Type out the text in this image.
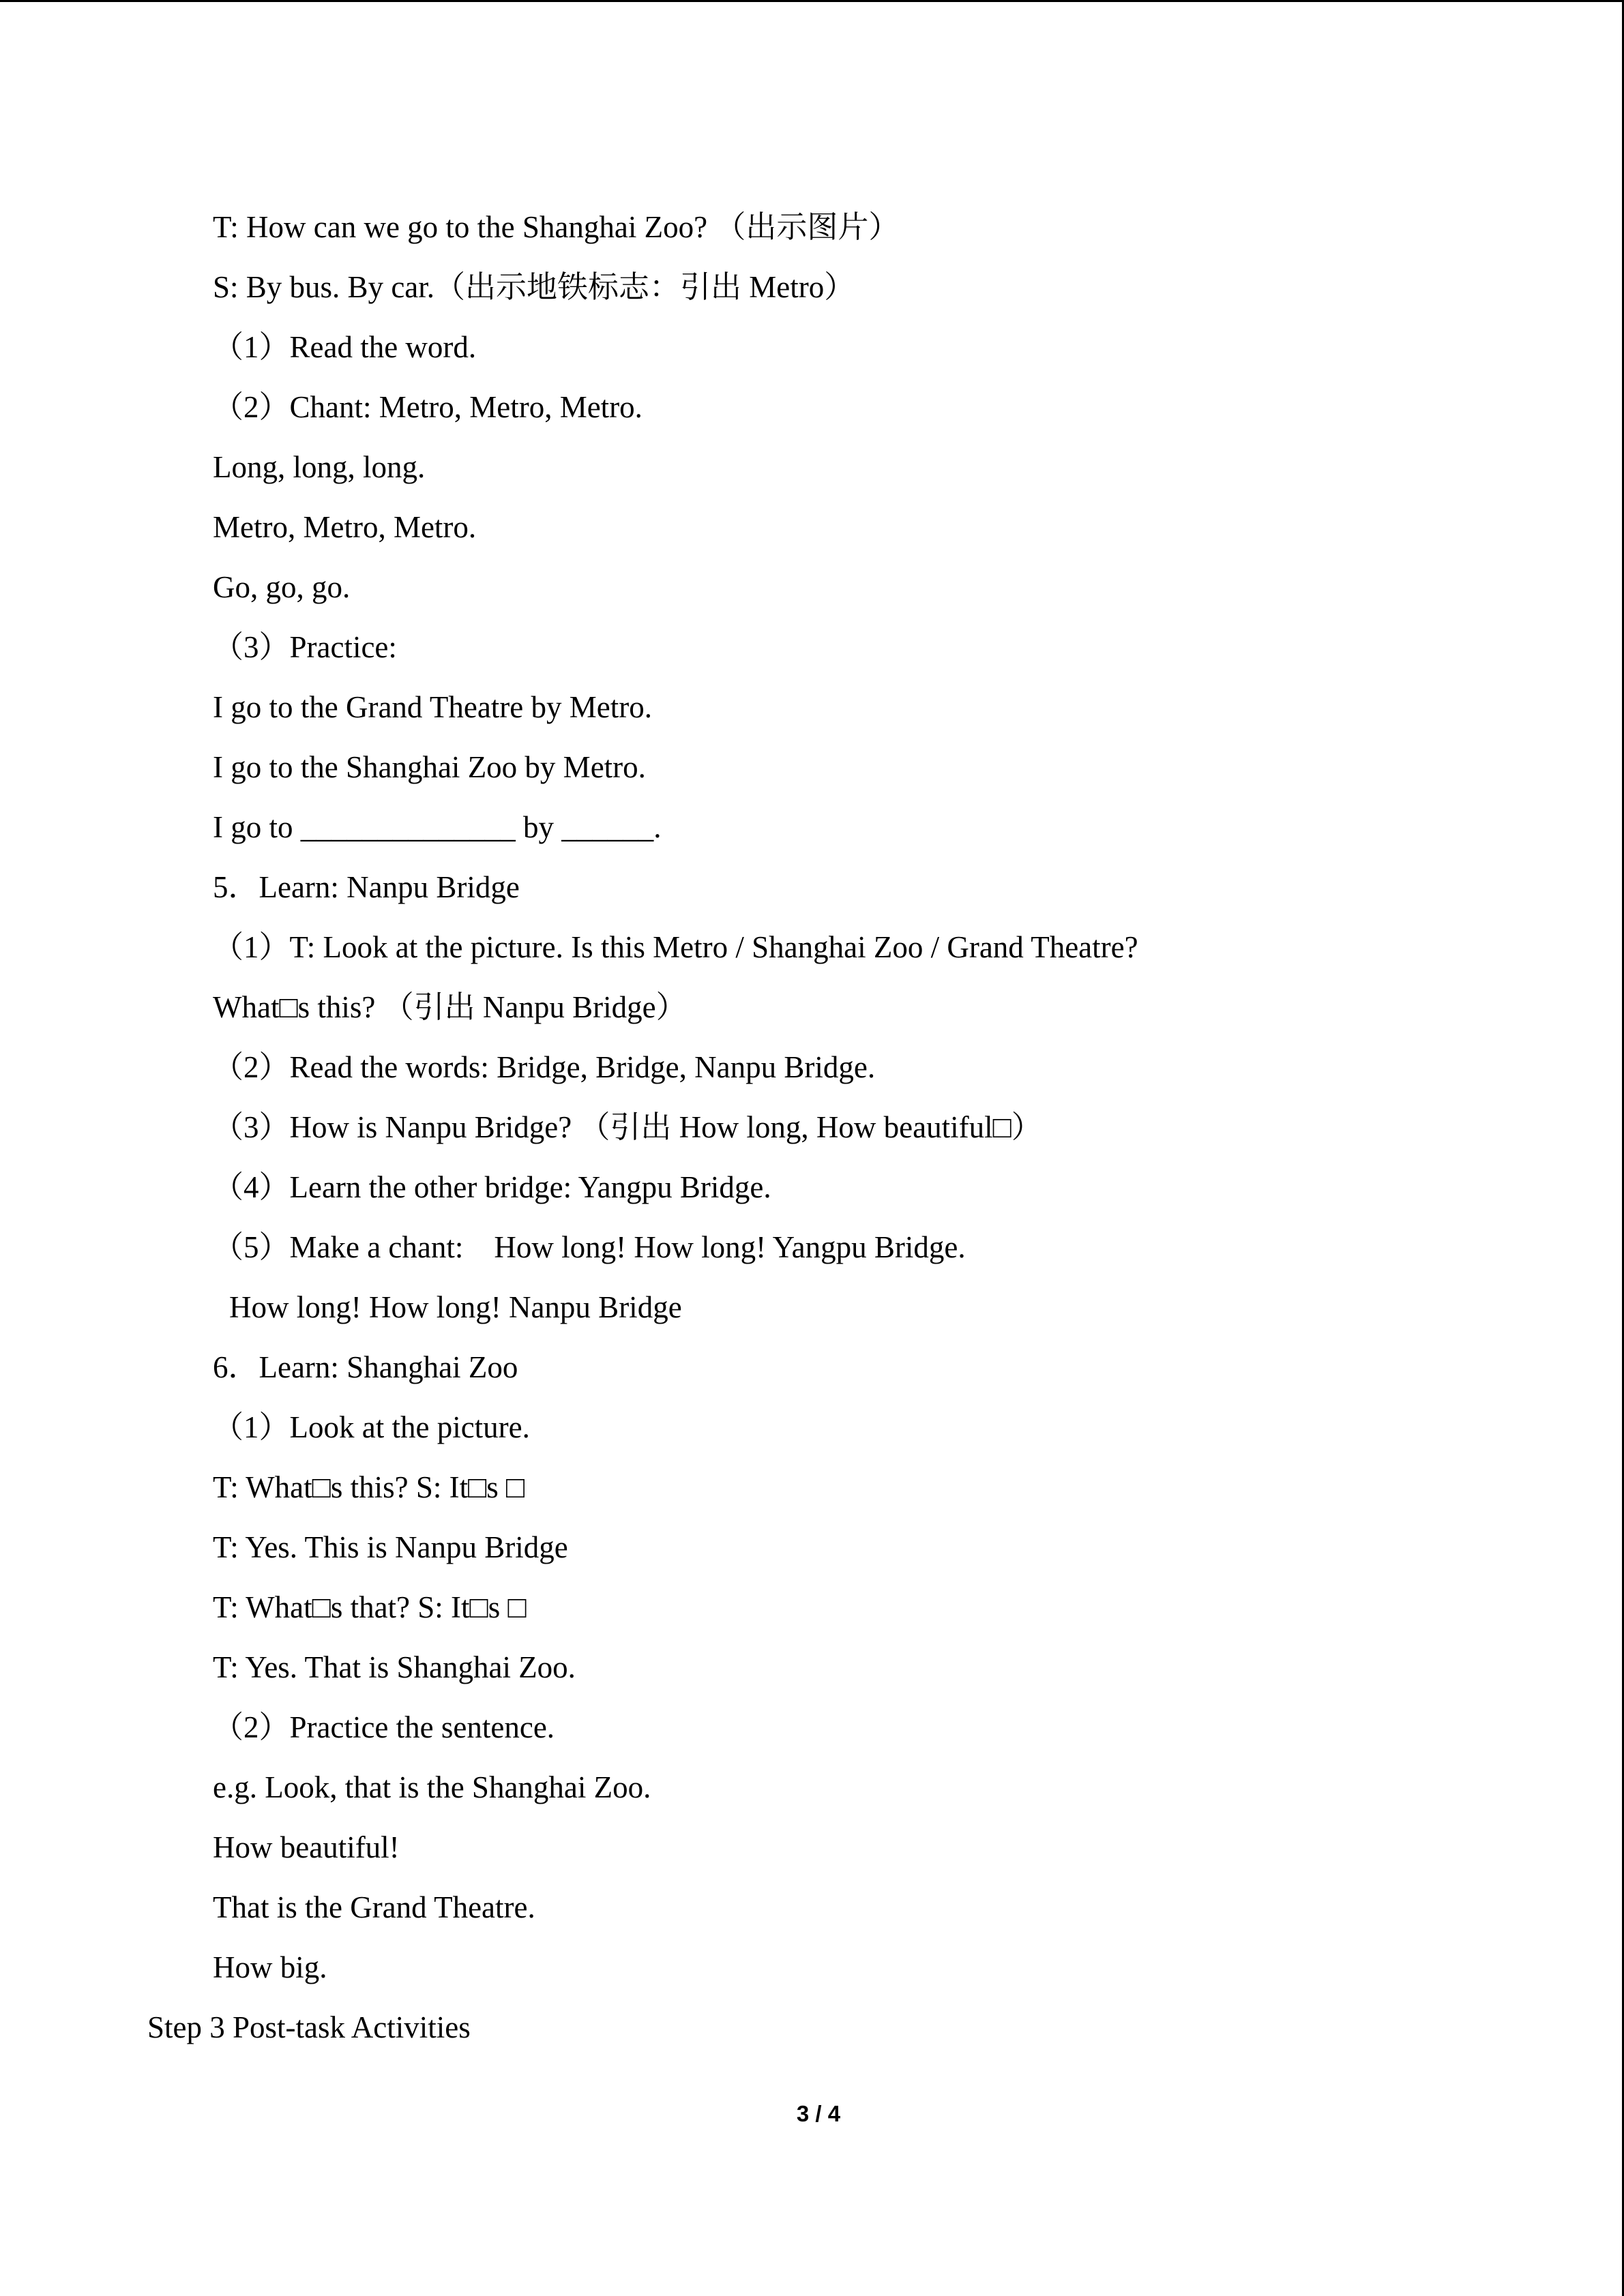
T: How can we go to the Shanghai Zoo? （出示图片）
S: By bus. By car.（出示地铁标志：引出 Metro）
（1）Read the word.
（2）Chant: Metro, Metro, Metro.
Long, long, long.
Metro, Metro, Metro.
Go, go, go.
（3）Practice:
I go to the Grand Theatre by Metro.
I go to the Shanghai Zoo by Metro.
I go to ______________ by ______.
5．Learn: Nanpu Bridge
（1）T: Look at the picture. Is this Metro / Shanghai Zoo / Grand Theatre?
What□s this? （引出 Nanpu Bridge）
（2）Read the words: Bridge, Bridge, Nanpu Bridge.
（3）How is Nanpu Bridge? （引出 How long, How beautiful□）
（4）Learn the other bridge: Yangpu Bridge.
（5）Make a chant:    How long! How long! Yangpu Bridge.
How long! How long! Nanpu Bridge
6．Learn: Shanghai Zoo
（1）Look at the picture.
T: What□s this? S: It□s □
T: Yes. This is Nanpu Bridge
T: What□s that? S: It□s □
T: Yes. That is Shanghai Zoo.
（2）Practice the sentence.
e.g. Look, that is the Shanghai Zoo.
How beautiful!
That is the Grand Theatre.
How big.
Step 3 Post-task Activities
3 / 4
